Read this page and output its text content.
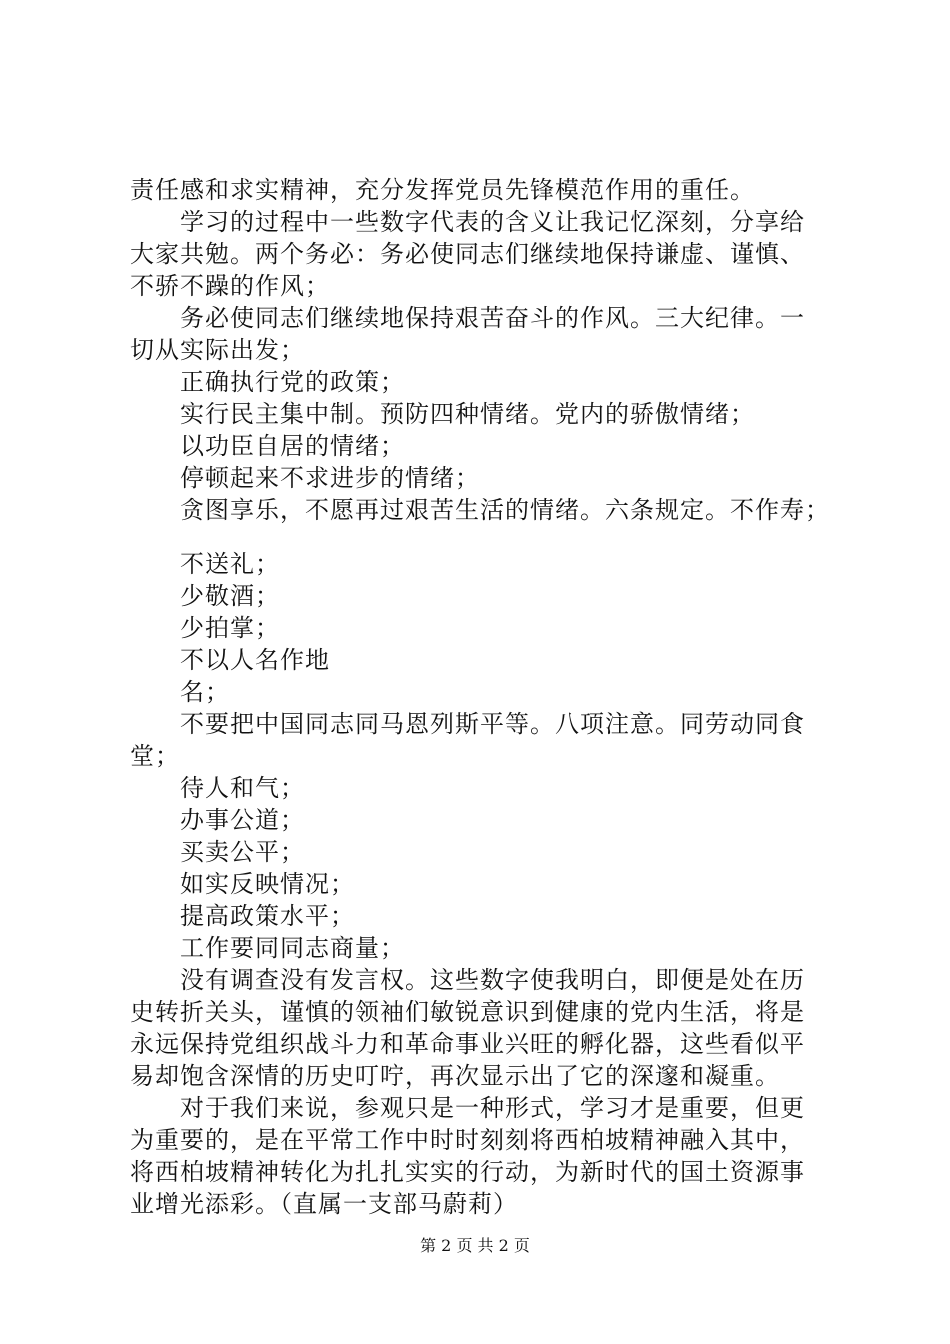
责任感和求实精神，充分发挥党员先锋模范作用的重任。
学习的过程中一些数字代表的含义让我记忆深刻，分享给
大家共勉。两个务必：务必使同志们继续地保持谦虚、谨慎、
不骄不躁的作风；
务必使同志们继续地保持艰苦奋斗的作风。三大纪律。一
切从实际出发；
正确执行党的政策；
实行民主集中制。预防四种情绪。党内的骄傲情绪；
以功臣自居的情绪；
停顿起来不求进步的情绪；
贪图享乐，不愿再过艰苦生活的情绪。六条规定。不作寿；
不送礼；
少敬酒；
少拍掌；
不以人名作地
名；
不要把中国同志同马恩列斯平等。八项注意。同劳动同食
堂；
待人和气；
办事公道；
买卖公平；
如实反映情况；
提高政策水平；
工作要同同志商量；
没有调查没有发言权。这些数字使我明白，即便是处在历
史转折关头，谨慎的领袖们敏锐意识到健康的党内生活，将是
永远保持党组织战斗力和革命事业兴旺的孵化器，这些看似平
易却饱含深情的历史叮咛，再次显示出了它的深邃和凝重。
对于我们来说，参观只是一种形式，学习才是重要，但更
为重要的，是在平常工作中时时刻刻将西柏坡精神融入其中，
将西柏坡精神转化为扎扎实实的行动，为新时代的国土资源事
业增光添彩。（直属一支部马蔚莉）
第 2 页 共 2 页
